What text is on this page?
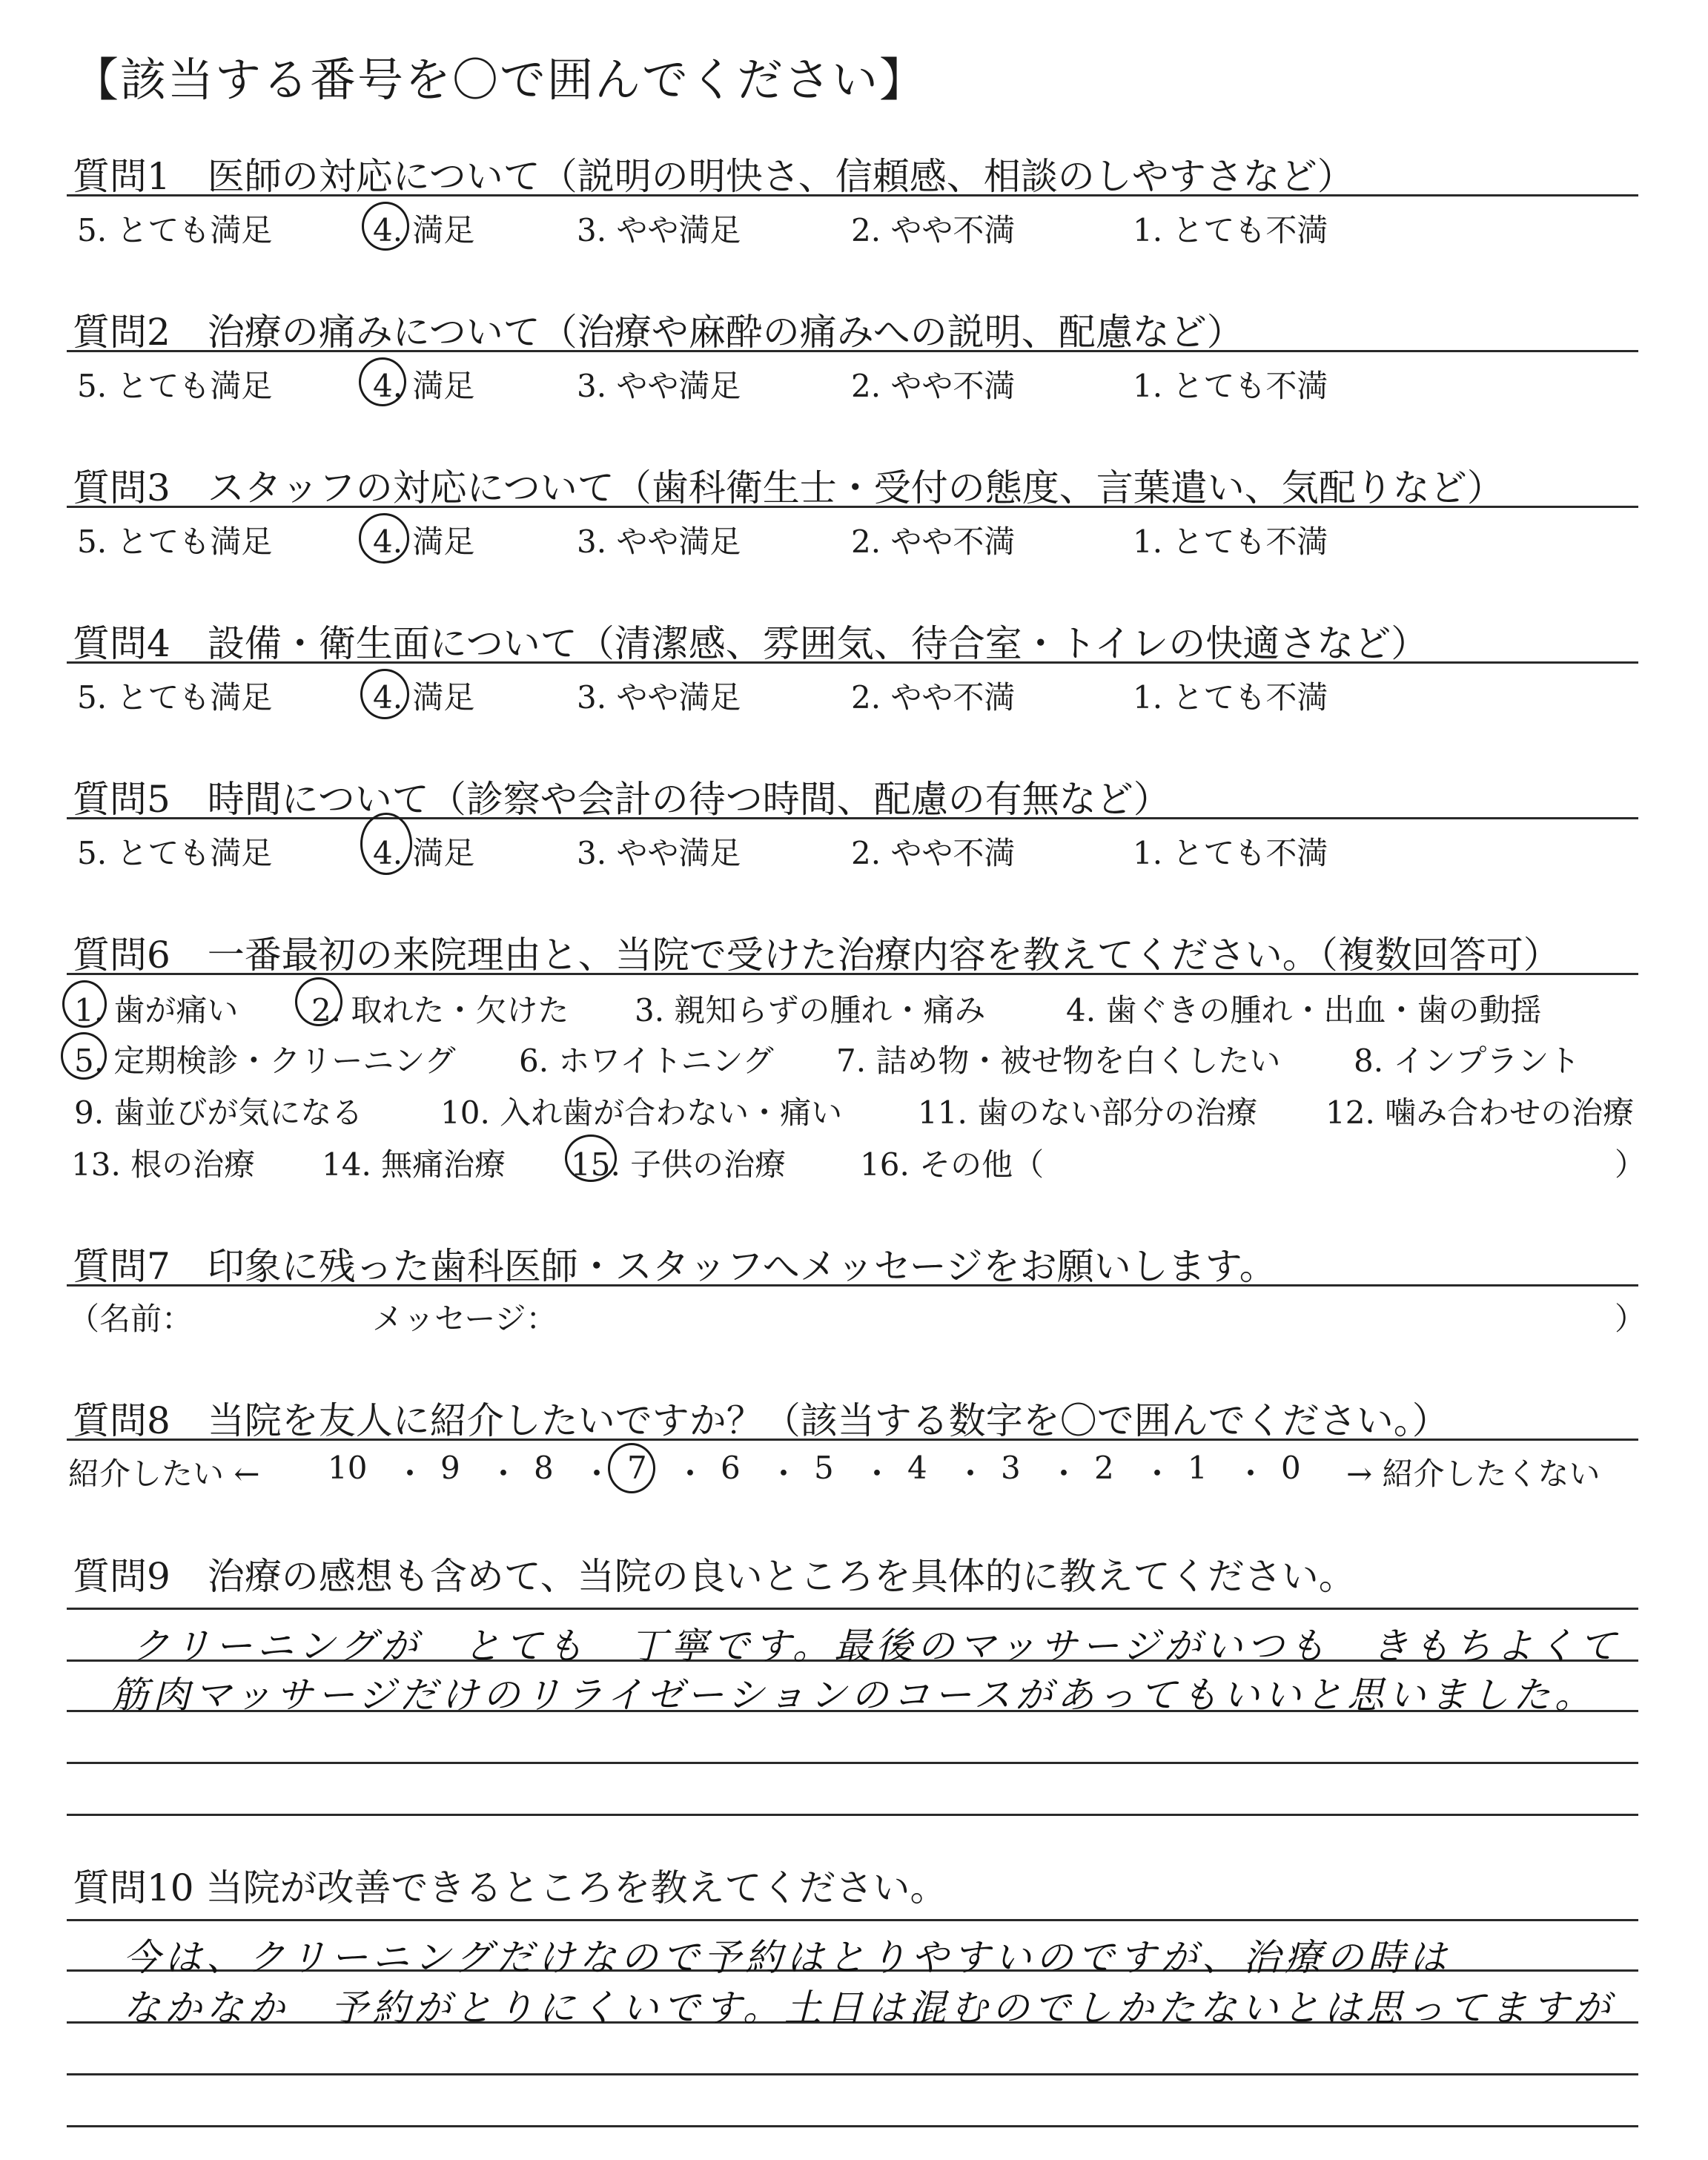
【該当する番号を〇で囲んでください】
質問1　医師の対応について（説明の明快さ、信頼感、相談のしやすさなど）
5. とても満足	4. 満足	3. やや満足	2. やや不満	1. とても不満
質問2　治療の痛みについて（治療や麻酔の痛みへの説明、配慮など）
5. とても満足	4. 満足	3. やや満足	2. やや不満	1. とても不満
質問3　スタッフの対応について（歯科衛生士・受付の態度、言葉遣い、気配りなど）
5. とても満足	4. 満足	3. やや満足	2. やや不満	1. とても不満
質問4　設備・衛生面について（清潔感、雰囲気、待合室・トイレの快適さなど）
5. とても満足	4. 満足	3. やや満足	2. やや不満	1. とても不満
質問5　時間について（診察や会計の待つ時間、配慮の有無など）
5. とても満足	4. 満足	3. やや満足	2. やや不満	1. とても不満
質問6　一番最初の来院理由と、当院で受けた治療内容を教えてください。（複数回答可）
1. 歯が痛い 2. 取れた・欠けた 3. 親知らずの腫れ・痛み	4. 歯ぐきの腫れ・出血・歯の動揺
5. 定期検診・クリーニング 6. ホワイトニング 7. 詰め物・被せ物を白くしたい 8. インプラント
9. 歯並びが気になる 10. 入れ歯が合わない・痛い 11. 歯のない部分の治療 12. 噛み合わせの治療
13. 根の治療 14. 無痛治療 15. 子供の治療 16. その他（	）
質問7　印象に残った歯科医師・スタッフへメッセージをお願いします。
（名前：	メッセージ：	）
質問8　当院を友人に紹介したいですか？（該当する数字を〇で囲んでください。）
紹介したい ← 10 ・ 9 ・ 8 ・ 7 ・ 6 ・ 5 ・ 4 ・ 3 ・ 2 ・ 1 ・ 0 → 紹介したくない
質問9　治療の感想も含めて、当院の良いところを具体的に教えてください。
クリーニングが　とても　丁寧です。最後のマッサージがいつも　きもちよくて
筋肉マッサージだけのリライゼーションのコースがあってもいいと思いました。
質問10 当院が改善できるところを教えてください。
今は、クリーニングだけなので予約はとりやすいのですが、治療の時は
なかなか　予約がとりにくいです。土日は混むのでしかたないとは思ってますが
